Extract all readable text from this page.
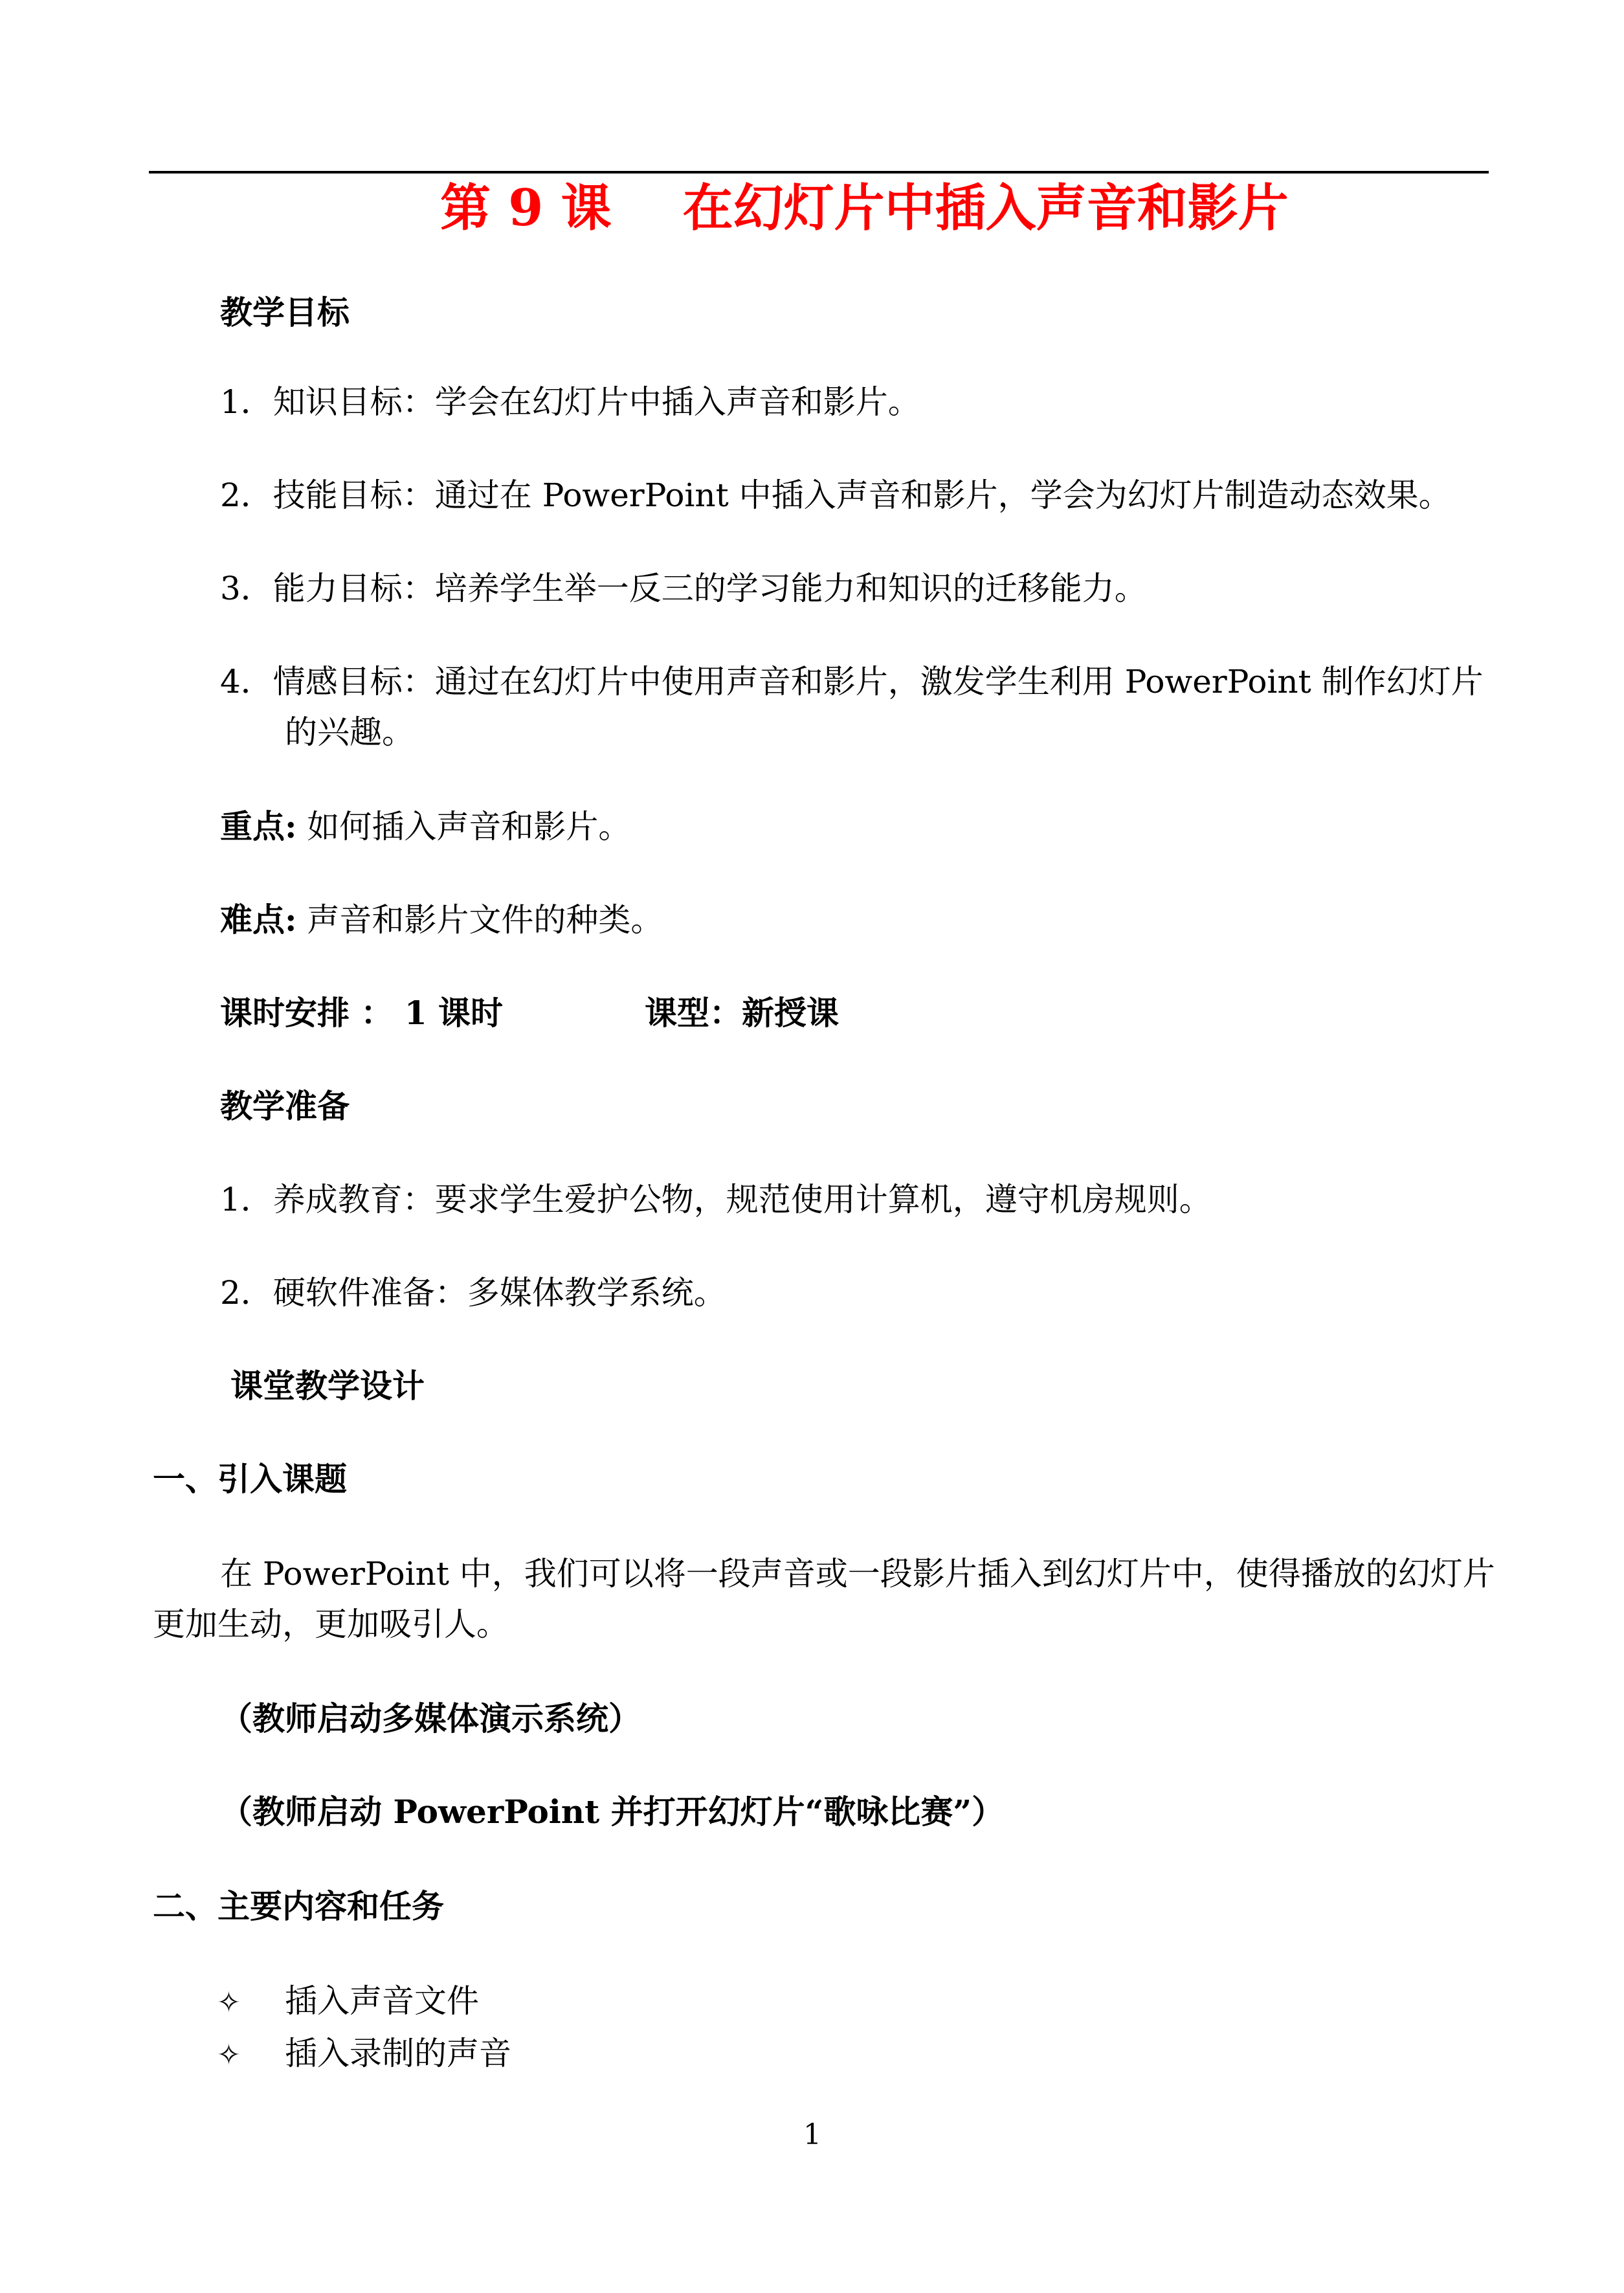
第 9 课 在幻灯片中插入声音和影片
教学目标
1．知识目标：学会在幻灯片中插入声音和影片。
2．技能目标：通过在 PowerPoint 中插入声音和影片，学会为幻灯片制造动态效果。
3．能力目标：培养学生举一反三的学习能力和知识的迁移能力。
4．情感目标：通过在幻灯片中使用声音和影片，激发学生利用 PowerPoint 制作幻灯片
的兴趣。
重点: 如何插入声音和影片。
难点: 声音和影片文件的种类。
课时安排 ： 1 课时	课型：新授课
教学准备
1．养成教育：要求学生爱护公物，规范使用计算机，遵守机房规则。
2．硬软件准备：多媒体教学系统。
课堂教学设计
一、引入课题
在 PowerPoint 中，我们可以将一段声音或一段影片插入到幻灯片中，使得播放的幻灯片
更加生动，更加吸引人。
（教师启动多媒体演示系统）
（教师启动 PowerPoint 并打开幻灯片“歌咏比赛”）
二、主要内容和任务
✧ 插入声音文件
✧ 插入录制的声音
1
